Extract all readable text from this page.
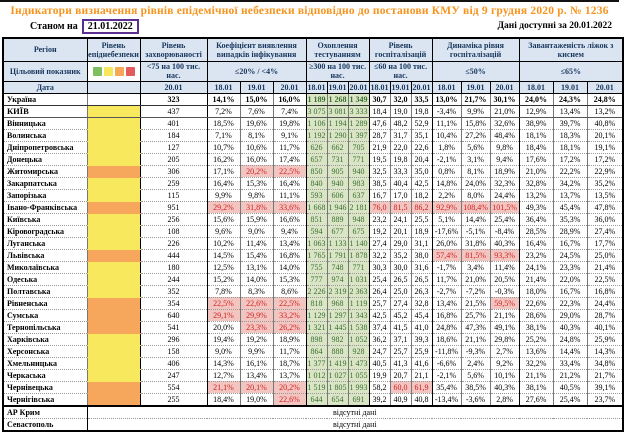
Індикатори визначення рівнів епідемічної небезпеки відповідно до постанови КМУ від 9 грудня 2020 р. № 1236
Станом на 21.01.2022	Дані доступні за 20.01.2022
Регіон	Рівень епіднебезпеки	Рівень захворюваності	Коефіцієнт виявлення випадків інфікування			Охоплення тестуванням			Рівень госпіталізацій			Динаміка рівня госпіталізацій			Завантаженість ліжок з киснем		
Цільовий показник		<75 на 100 тис. нас.	≤20% / <4%			≥300 на 100 тис. нас.			≤60 на 100 тис. нас.			≤50%			≤65%		
Дата		20.01	18.01	19.01	20.01	18.01	19.01	20.01	18.01	19.01	20.01	18.01	19.01	20.01	18.01	19.01	20.01
Україна		323	14,1%	15,0%	16,0%	1 189	1 268	1 349	30,7	32,0	33,5	13,0%	21,7%	30,1%	24,0%	24,3%	24,8%
КИЇВ		437	7,2%	7,6%	7,4%	3 075	3 081	3 333	18,4	19,0	19,8	-3,4%	9,9%	21,0%	12,9%	13,4%	13,2%
Вінницька		401	18,5%	19,6%	19,8%	1 106	1 194	1 289	47,6	48,2	52,9	11,1%	15,8%	32,6%	38,9%	39,7%	40,8%
Волинська		184	7,1%	8,1%	9,1%	1 192	1 290	1 397	28,7	31,7	35,1	10,4%	27,2%	48,4%	18,1%	18,3%	20,1%
Дніпропетровська		127	10,7%	10,6%	11,7%	626	662	705	21,9	22,0	22,6	1,8%	5,6%	9,8%	18,4%	18,1%	19,1%
Донецька		205	16,2%	16,0%	17,4%	657	731	771	19,5	19,8	20,4	-2,1%	3,1%	9,4%	17,6%	17,2%	17,2%
Житомирська		306	17,1%	20,2%	22,5%	850	905	940	32,5	33,3	35,0	0,8%	8,1%	18,9%	21,0%	22,2%	22,9%
Закарпатська		259	16,4%	15,3%	16,4%	840	940	983	38,5	40,4	42,5	14,8%	24,0%	32,3%	32,8%	34,2%	35,2%
Запорізька		115	9,9%	9,8%	11,1%	593	606	637	16,7	17,0	18,2	2,2%	8,0%	24,4%	13,2%	13,7%	13,5%
Івано-Франківська		951	29,2%	31,8%	33,6%	1 668	1 946	2 181	76,0	81,5	86,2	92,9%	108,4%	101,5%	49,3%	45,4%	47,8%
Київська		256	15,6%	15,9%	16,6%	851	889	948	23,2	24,1	25,5	5,1%	14,4%	25,4%	36,4%	35,3%	36,0%
Кіровоградська		108	9,6%	9,0%	9,4%	594	677	675	19,2	20,1	18,9	-17,6%	-5,1%	-8,4%	28,5%	28,9%	27,4%
Луганська		226	10,2%	11,4%	13,4%	1 063	1 133	1 140	27,4	29,0	31,1	26,0%	31,8%	40,3%	16,4%	16,7%	17,7%
Львівська		444	14,5%	15,4%	16,8%	1 765	1 791	1 878	32,2	35,2	38,0	57,4%	81,5%	93,3%	23,2%	24,5%	25,0%
Миколаївська		180	12,5%	13,1%	14,0%	755	748	771	30,3	30,0	31,6	-1,7%	3,4%	11,4%	24,1%	23,3%	21,4%
Одеська		244	15,2%	14,0%	15,3%	777	974	1 031	25,4	26,5	26,5	11,7%	21,0%	20,5%	21,4%	22,0%	22,5%
Полтавська		352	7,8%	8,3%	8,6%	2 226	2 319	2 363	26,4	25,0	26,3	-2,7%	-7,2%	-0,3%	18,0%	16,7%	16,8%
Рівненська		354	22,5%	22,6%	22,5%	818	968	1 119	25,7	27,4	32,8	13,4%	21,5%	59,5%	22,6%	22,3%	24,4%
Сумська		640	29,1%	29,9%	33,2%	1 129	1 297	1 343	42,5	45,2	45,4	16,8%	25,7%	21,1%	28,6%	29,0%	28,7%
Тернопільська		541	20,0%	23,3%	26,2%	1 321	1 445	1 538	37,4	41,5	41,0	24,8%	47,3%	49,1%	38,1%	40,3%	40,1%
Харківська		296	19,4%	19,2%	18,9%	898	982	1 052	36,2	37,1	39,3	18,6%	21,1%	29,8%	25,2%	24,8%	25,9%
Херсонська		158	9,0%	9,9%	11,7%	864	888	928	24,7	25,7	25,9	-11,8%	-9,3%	2,7%	13,6%	14,4%	14,3%
Хмельницька		406	14,3%	16,1%	18,7%	1 377	1 419	1 473	40,5	41,3	41,6	-6,6%	2,4%	9,2%	32,2%	33,4%	34,8%
Черкаська		247	12,7%	13,4%	13,7%	1 012	1 027	1 055	19,9	20,7	21,1	-2,1%	5,6%	10,1%	21,1%	21,2%	21,7%
Чернівецька		554	21,1%	20,1%	20,2%	1 519	1 805	1 993	58,2	60,0	61,9	35,4%	38,5%	40,3%	38,1%	40,5%	39,1%
Чернігівська		255	18,4%	19,0%	22,6%	644	654	691	39,2	40,9	40,8	-13,4%	-3,6%	2,8%	27,6%	25,4%	23,7%
АР Крим	відсутні дані																
Севастополь	відсутні дані																
